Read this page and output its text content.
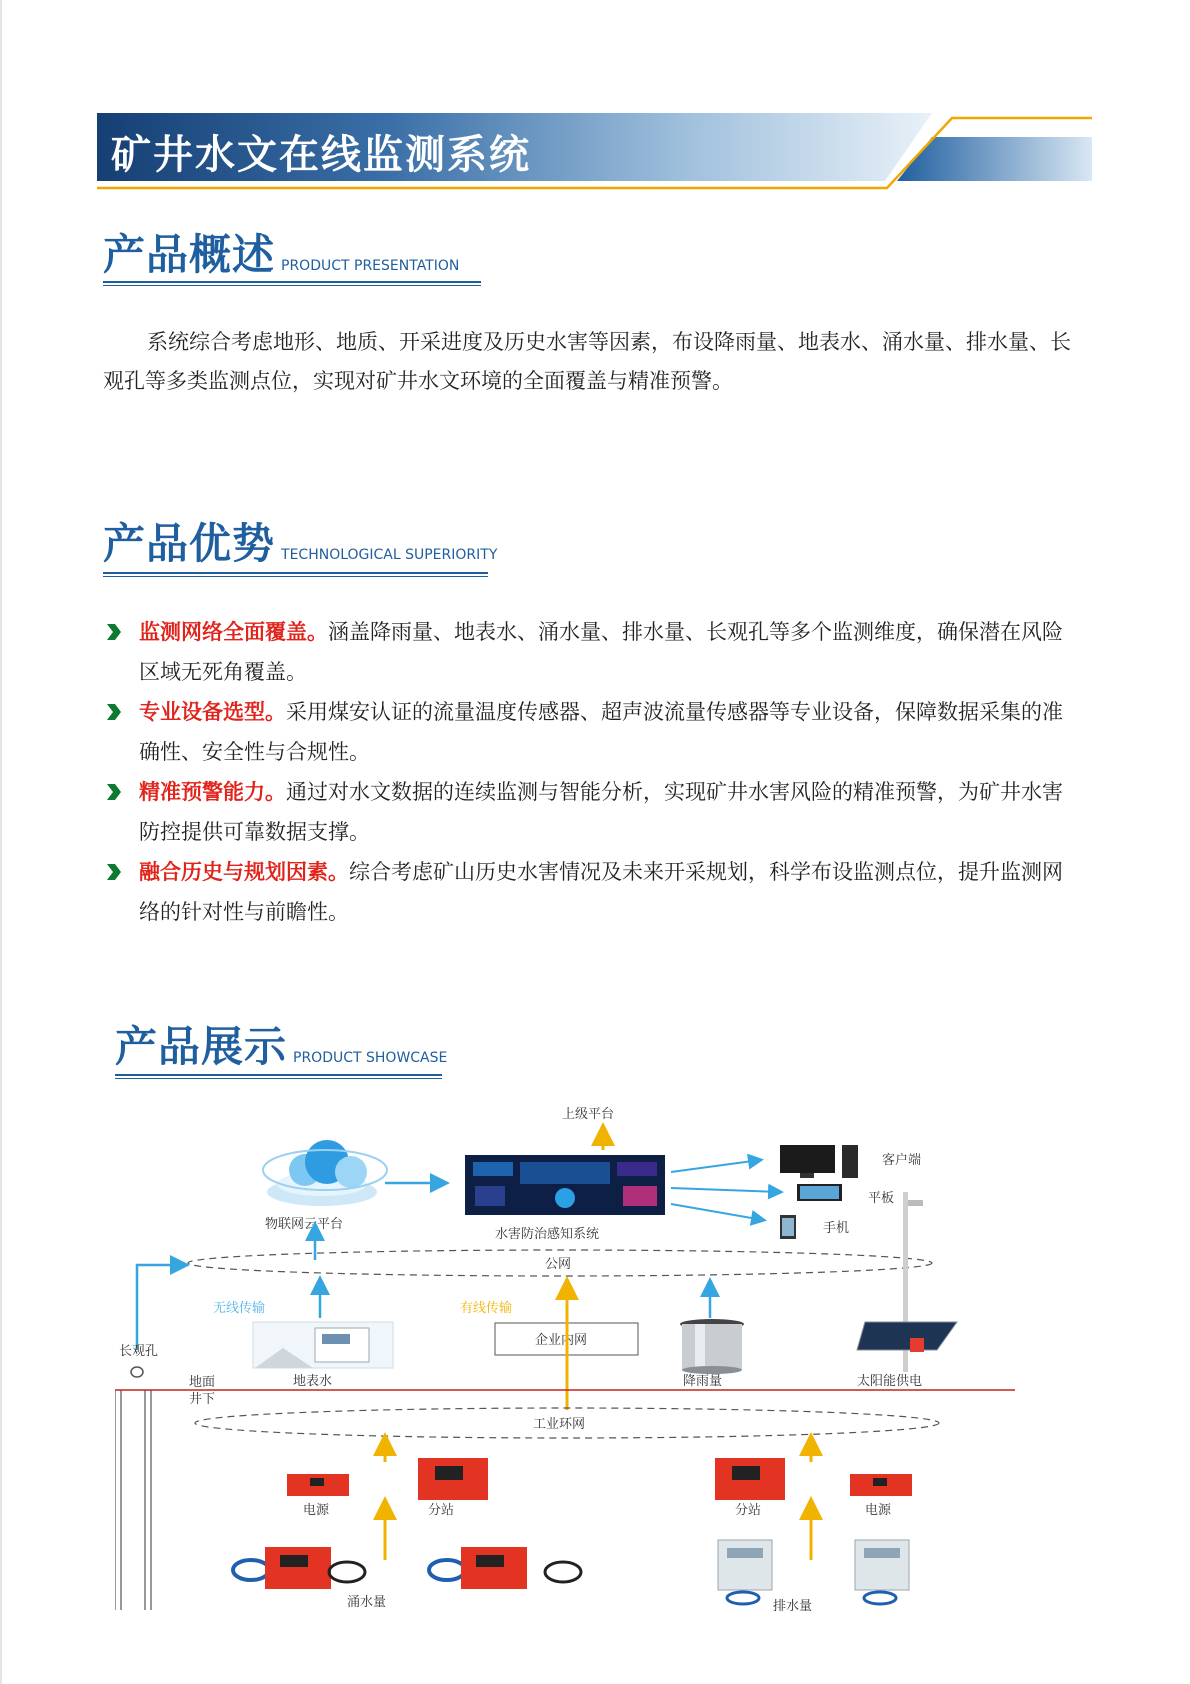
矿井水文在线监测系统
产品概述 PRODUCT PRESENTATION
系统综合考虑地形、地质、开采进度及历史水害等因素，布设降雨量、地表水、涌水量、排水量、长观孔等多类监测点位，实现对矿井水文环境的全面覆盖与精准预警。
产品优势 TECHNOLOGICAL SUPERIORITY
监测网络全面覆盖。涵盖降雨量、地表水、涌水量、排水量、长观孔等多个监测维度，确保潜在风险区域无死角覆盖。
专业设备选型。采用煤安认证的流量温度传感器、超声波流量传感器等专业设备，保障数据采集的准确性、安全性与合规性。
精准预警能力。通过对水文数据的连续监测与智能分析，实现矿井水害风险的精准预警，为矿井水害防控提供可靠数据支撑。
融合历史与规划因素。综合考虑矿山历史水害情况及未来开采规划，科学布设监测点位，提升监测网络的针对性与前瞻性。
产品展示 PRODUCT SHOWCASE
上级平台
物联网云平台
水害防治感知系统
客户端
平板
手机
公网
长观孔
无线传输
地表水
有线传输
企业内网
降雨量	太阳能供电
地面
井下
工业环网
电源	分站
涌水量
分站	电源
排水量
